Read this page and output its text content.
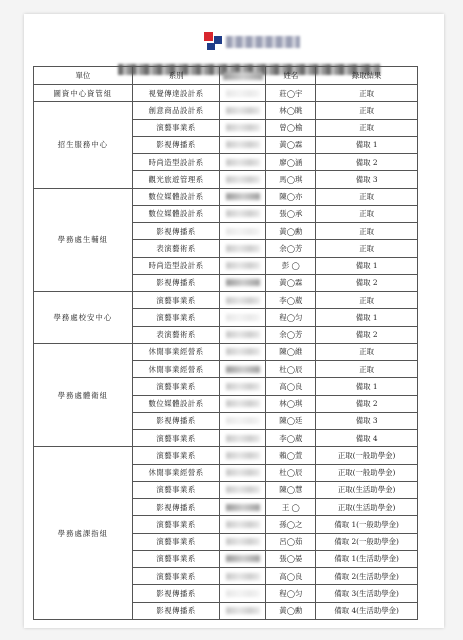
單位	系別		姓名	錄取結果
圖資中心資管組	視覺傳達設計系		莊◯宇	正取
招生服務中心	創意商品設計系		林◯眺	正取
	演藝事業系		曾◯榆	正取
	影視傳播系		黃◯霖	備取 1
	時尚造型設計系		廖◯涵	備取 2
	觀光旅遊管理系		馬◯琪	備取 3
學務處生輔組	數位媒體設計系		陳◯亦	正取
	數位媒體設計系		張◯承	正取
	影視傳播系		黃◯勳	正取
	表演藝術系		余◯芳	正取
	時尚造型設計系		彭 ◯	備取 1
	影視傳播系		黃◯霖	備取 2
學務處校安中心	演藝事業系		李◯葳	正取
	演藝事業系		程◯匀	備取 1
	表演藝術系		余◯芳	備取 2
學務處體衛組	休閒事業經營系		陳◯維	正取
	休閒事業經營系		杜◯辰	正取
	演藝事業系		高◯良	備取 1
	數位媒體設計系		林◯琪	備取 2
	影視傳播系		陳◯廷	備取 3
	演藝事業系		李◯葳	備取 4
學務處課指組	演藝事業系		賴◯萱	正取(一般助學金)
	休閒事業經營系		杜◯辰	正取(一般助學金)
	演藝事業系		陳◯慧	正取(生活助學金)
	影視傳播系		王 ◯	正取(生活助學金)
	演藝事業系		孫◯之	備取 1(一般助學金)
	演藝事業系		呂◯茹	備取 2(一般助學金)
	演藝事業系		張◯晏	備取 1(生活助學金)
	演藝事業系		高◯良	備取 2(生活助學金)
	影視傳播系		程◯匀	備取 3(生活助學金)
	影視傳播系		黃◯勳	備取 4(生活助學金)
